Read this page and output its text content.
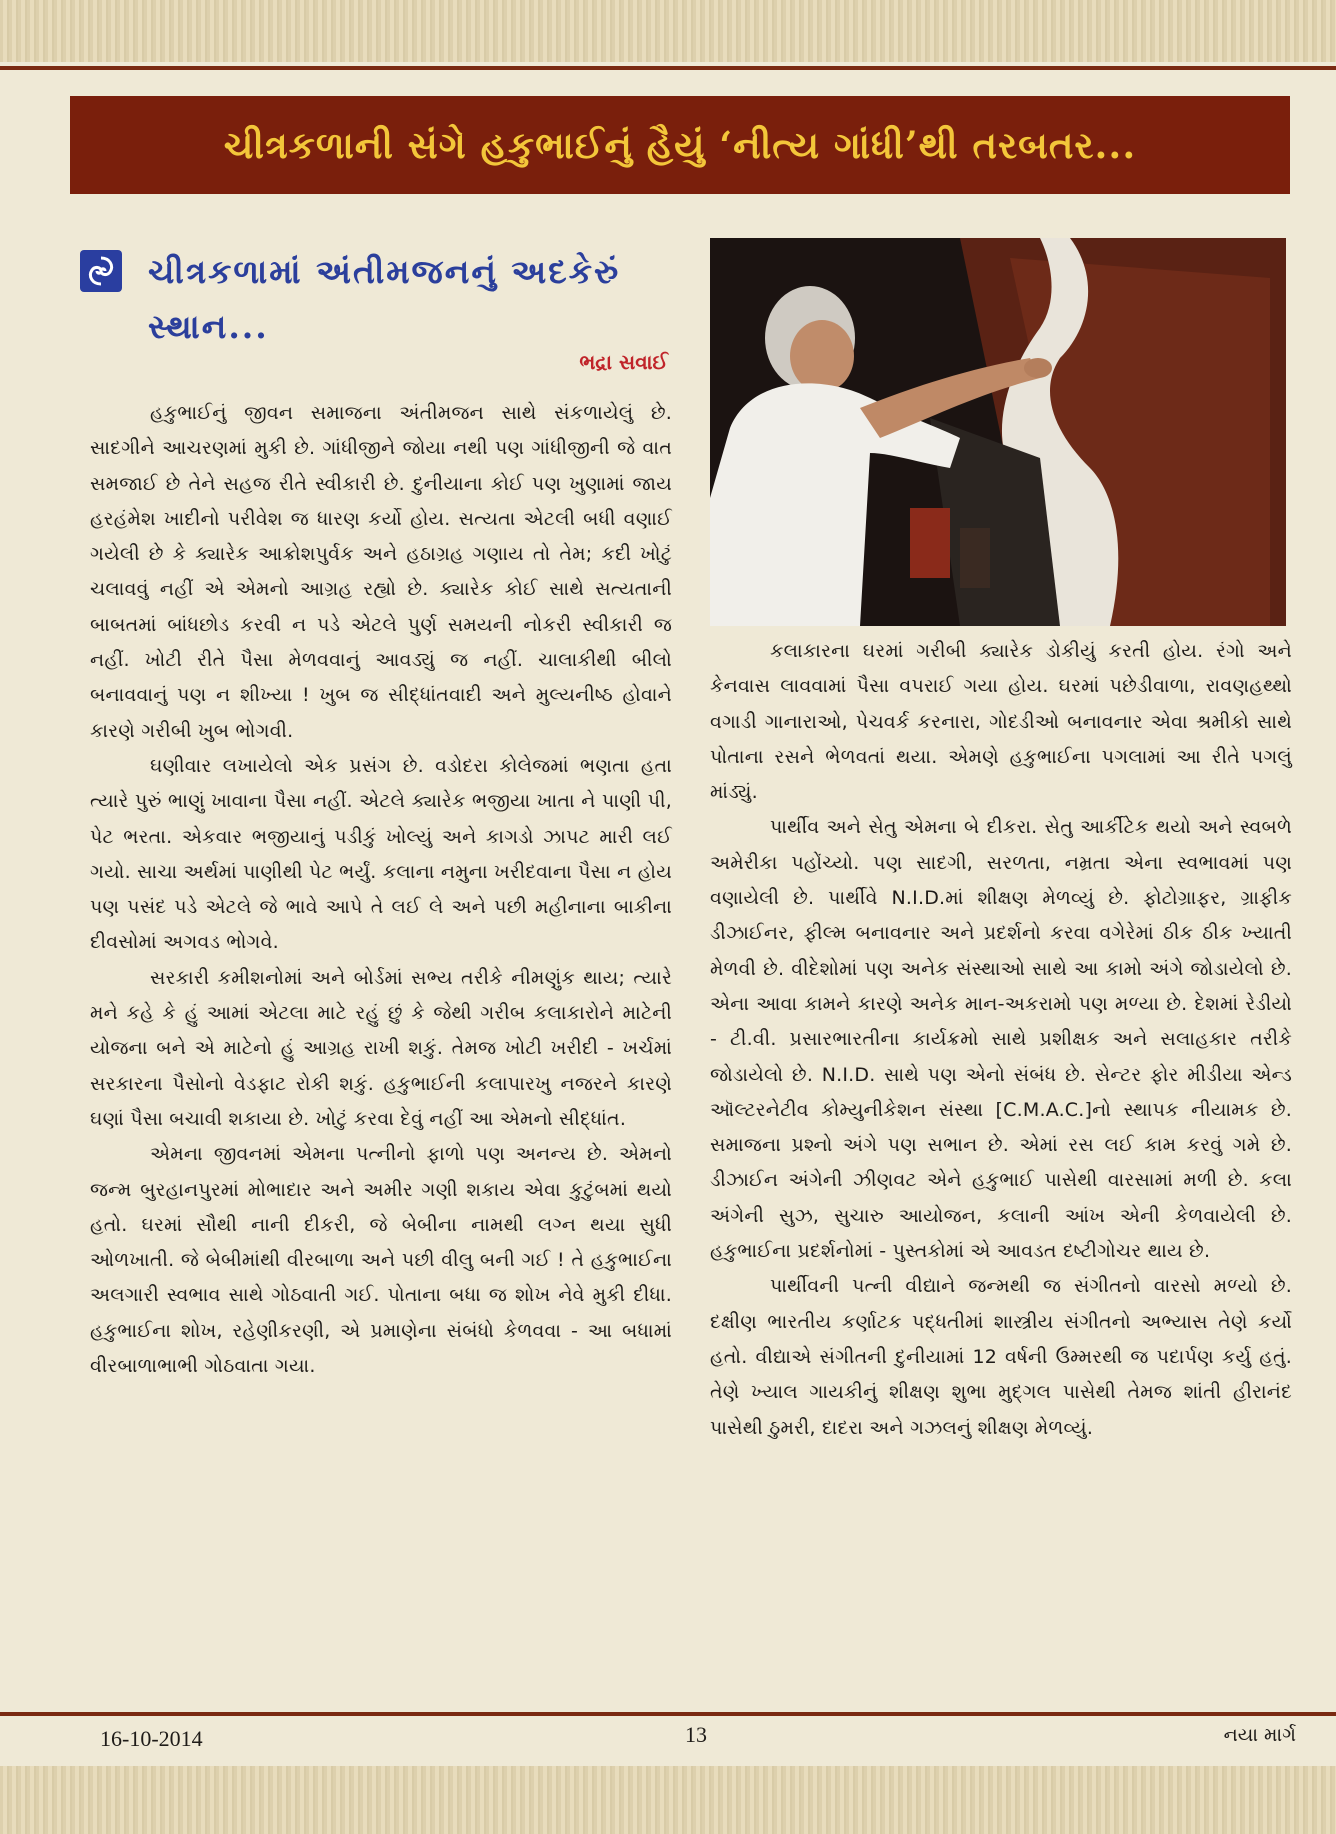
ચીત્રકળાની સંગે હકુભાઈનું હૈયું ‘નીત્ય ગાંધી’થી તરબતર...
ચીત્રકળામાં અંતીમજનનું અદકેરું સ્થાન...
ભદ્રા સવાઈ

હકુભાઈનું જીવન સમાજના અંતીમજન સાથે સંકળાયેલું છે. સાદગીને આચરણમાં મુકી છે. ગાંધીજીને જોયા નથી પણ ગાંધીજીની જે વાત સમજાઈ છે તેને સહજ રીતે સ્વીકારી છે. દુનીયાના કોઈ પણ ખુણામાં જાય હરહંમેશ ખાદીનો પરીવેશ જ ધારણ કર્યો હોય. સત્યતા એટલી બધી વણાઈ ગયેલી છે કે ક્યારેક આક્રોશપુર્વક અને હઠાગ્રહ ગણાય તો તેમ; કદી ખોટું ચલાવવું નહીં એ એમનો આગ્રહ રહ્યો છે. ક્યારેક કોઈ સાથે સત્યતાની બાબતમાં બાંધછોડ કરવી ન પડે એટલે પુર્ણ સમયની નોકરી સ્વીકારી જ નહીં. ખોટી રીતે પૈસા મેળવવાનું આવડ્યું જ નહીં. ચાલાકીથી બીલો બનાવવાનું પણ ન શીખ્યા ! ખુબ જ સીદ્ધાંતવાદી અને મુલ્યનીષ્ઠ હોવાને કારણે ગરીબી ખુબ ભોગવી.

ઘણીવાર લખાયેલો એક પ્રસંગ છે. વડોદરા કોલેજમાં ભણતા હતા ત્યારે પુરું ભાણું ખાવાના પૈસા નહીં. એટલે ક્યારેક ભજીયા ખાતા ને પાણી પી, પેટ ભરતા. એકવાર ભજીયાનું પડીકું ખોલ્યું અને કાગડો ઝાપટ મારી લઈ ગયો. સાચા અર્થમાં પાણીથી પેટ ભર્યું. કલાના નમુના ખરીદવાના પૈસા ન હોય પણ પસંદ પડે એટલે જે ભાવે આપે તે લઈ લે અને પછી મહીનાના બાકીના દીવસોમાં અગવડ ભોગવે.

સરકારી કમીશનોમાં અને બોર્ડમાં સભ્ય તરીકે નીમણુંક થાય; ત્યારે મને કહે કે હું આમાં એટલા માટે રહું છું કે જેથી ગરીબ કલાકારોને માટેની યોજના બને એ માટેનો હું આગ્રહ રાખી શકું. તેમજ ખોટી ખરીદી - ખર્ચમાં સરકારના પૈસોનો વેડફાટ રોકી શકું. હકુભાઈની કલાપારખુ નજરને કારણે ઘણાં પૈસા બચાવી શકાયા છે. ખોટું કરવા દેવું નહીં આ એમનો સીદ્ધાંત.

એમના જીવનમાં એમના પત્નીનો ફાળો પણ અનન્ય છે. એમનો જન્મ બુરહાનપુરમાં મોભાદાર અને અમીર ગણી શકાય એવા કુટુંબમાં થયો હતો. ઘરમાં સૌથી નાની દીકરી, જે બેબીના નામથી લગ્ન થયા સુધી ઓળખાતી. જે બેબીમાંથી વીરબાળા અને પછી વીલુ બની ગઈ ! તે હકુભાઈના અલગારી સ્વભાવ સાથે ગોઠવાતી ગઈ. પોતાના બધા જ શોખ નેવે મુકી દીધા. હકુભાઈના શોખ, રહેણીકરણી, એ પ્રમાણેના સંબંધો કેળવવા - આ બધામાં વીરબાળાભાભી ગોઠવાતા ગયા.

કલાકારના ઘરમાં ગરીબી ક્યારેક ડોકીયું કરતી હોય. રંગો અને કેનવાસ લાવવામાં પૈસા વપરાઈ ગયા હોય. ઘરમાં પછેડીવાળા, રાવણહથ્થો વગાડી ગાનારાઓ, પેચવર્ક કરનારા, ગોદડીઓ બનાવનાર એવા શ્રમીકો સાથે પોતાના રસને ભેળવતાં થયા. એમણે હકુભાઈના પગલામાં આ રીતે પગલું માંડ્યું.

પાર્થીવ અને સેતુ એમના બે દીકરા. સેતુ આર્કીટેક થયો અને સ્વબળે અમેરીકા પહોંચ્યો. પણ સાદગી, સરળતા, નમ્રતા એના સ્વભાવમાં પણ વણાયેલી છે. પાર્થીવે N.I.D.માં શીક્ષણ મેળવ્યું છે. ફોટોગ્રાફર, ગ્રાફીક ડીઝાઈનર, ફીલ્મ બનાવનાર અને પ્રદર્શનો કરવા વગેરેમાં ઠીક ઠીક ખ્યાતી મેળવી છે. વીદેશોમાં પણ અનેક સંસ્થાઓ સાથે આ કામો અંગે જોડાયેલો છે. એના આવા કામને કારણે અનેક માન-અકરામો પણ મળ્યા છે. દેશમાં રેડીયો - ટી.વી. પ્રસારભારતીના કાર્યક્રમો સાથે પ્રશીક્ષક અને સલાહકાર તરીકે જોડાયેલો છે. N.I.D. સાથે પણ એનો સંબંધ છે. સેન્ટર ફોર મીડીયા એન્ડ ઑલ્ટરનેટીવ કોમ્યુનીકેશન સંસ્થા [C.M.A.C.]નો સ્થાપક નીયામક છે. સમાજના પ્રશ્નો અંગે પણ સભાન છે. એમાં રસ લઈ કામ કરવું ગમે છે. ડીઝાઈન અંગેની ઝીણવટ એને હકુભાઈ પાસેથી વારસામાં મળી છે. કલા અંગેની સુઝ, સુચારુ આયોજન, કલાની આંખ એની કેળવાયેલી છે. હકુભાઈના પ્રદર્શનોમાં - પુસ્તકોમાં એ આવડત દષ્ટીગોચર થાય છે.

પાર્થીવની પત્ની વીદ્યાને જન્મથી જ સંગીતનો વારસો મળ્યો છે. દક્ષીણ ભારતીય કર્ણાટક પદ્ધતીમાં શાસ્ત્રીય સંગીતનો અભ્યાસ તેણે કર્યો હતો. વીદ્યાએ સંગીતની દુનીયામાં 12 વર્ષની ઉમ્મરથી જ પદાર્પણ કર્યુ હતું. તેણે ખ્યાલ ગાયકીનું શીક્ષણ શુભા મુદ્ગલ પાસેથી તેમજ શાંતી હીરાનંદ પાસેથી ઠુમરી, દાદરા અને ગઝલનું શીક્ષણ મેળવ્યું.

16-10-2014	13	નયા માર્ગ
